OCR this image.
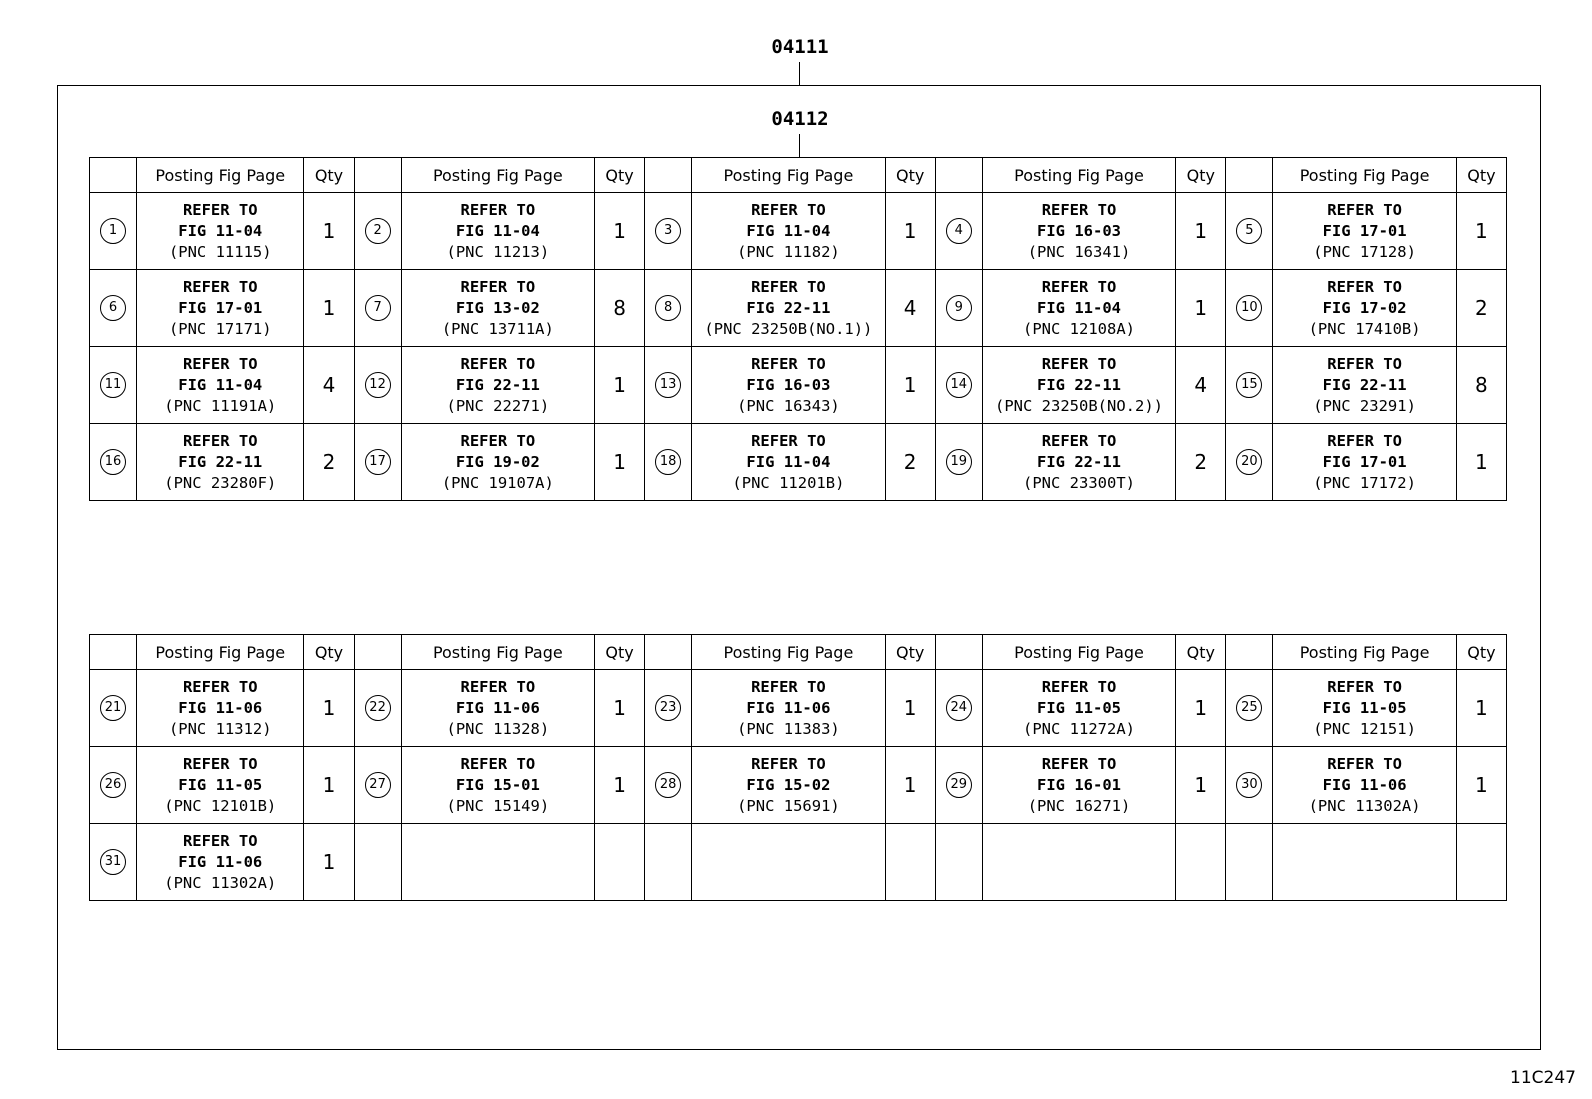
04111
04112
	Posting Fig Page	Qty		Posting Fig Page	Qty		Posting Fig Page	Qty		Posting Fig Page	Qty		Posting Fig Page	Qty
1	REFER TO
FIG 11-04
(PNC 11115)	1	2	REFER TO
FIG 11-04
(PNC 11213)	1	3	REFER TO
FIG 11-04
(PNC 11182)	1	4	REFER TO
FIG 16-03
(PNC 16341)	1	5	REFER TO
FIG 17-01
(PNC 17128)	1
6	REFER TO
FIG 17-01
(PNC 17171)	1	7	REFER TO
FIG 13-02
(PNC 13711A)	8	8	REFER TO
FIG 22-11
(PNC 23250B(NO.1))	4	9	REFER TO
FIG 11-04
(PNC 12108A)	1	10	REFER TO
FIG 17-02
(PNC 17410B)	2
11	REFER TO
FIG 11-04
(PNC 11191A)	4	12	REFER TO
FIG 22-11
(PNC 22271)	1	13	REFER TO
FIG 16-03
(PNC 16343)	1	14	REFER TO
FIG 22-11
(PNC 23250B(NO.2))	4	15	REFER TO
FIG 22-11
(PNC 23291)	8
16	REFER TO
FIG 22-11
(PNC 23280F)	2	17	REFER TO
FIG 19-02
(PNC 19107A)	1	18	REFER TO
FIG 11-04
(PNC 11201B)	2	19	REFER TO
FIG 22-11
(PNC 23300T)	2	20	REFER TO
FIG 17-01
(PNC 17172)	1
	Posting Fig Page	Qty		Posting Fig Page	Qty		Posting Fig Page	Qty		Posting Fig Page	Qty		Posting Fig Page	Qty
21	REFER TO
FIG 11-06
(PNC 11312)	1	22	REFER TO
FIG 11-06
(PNC 11328)	1	23	REFER TO
FIG 11-06
(PNC 11383)	1	24	REFER TO
FIG 11-05
(PNC 11272A)	1	25	REFER TO
FIG 11-05
(PNC 12151)	1
26	REFER TO
FIG 11-05
(PNC 12101B)	1	27	REFER TO
FIG 15-01
(PNC 15149)	1	28	REFER TO
FIG 15-02
(PNC 15691)	1	29	REFER TO
FIG 16-01
(PNC 16271)	1	30	REFER TO
FIG 11-06
(PNC 11302A)	1
31	REFER TO
FIG 11-06
(PNC 11302A)	1												
11C247
